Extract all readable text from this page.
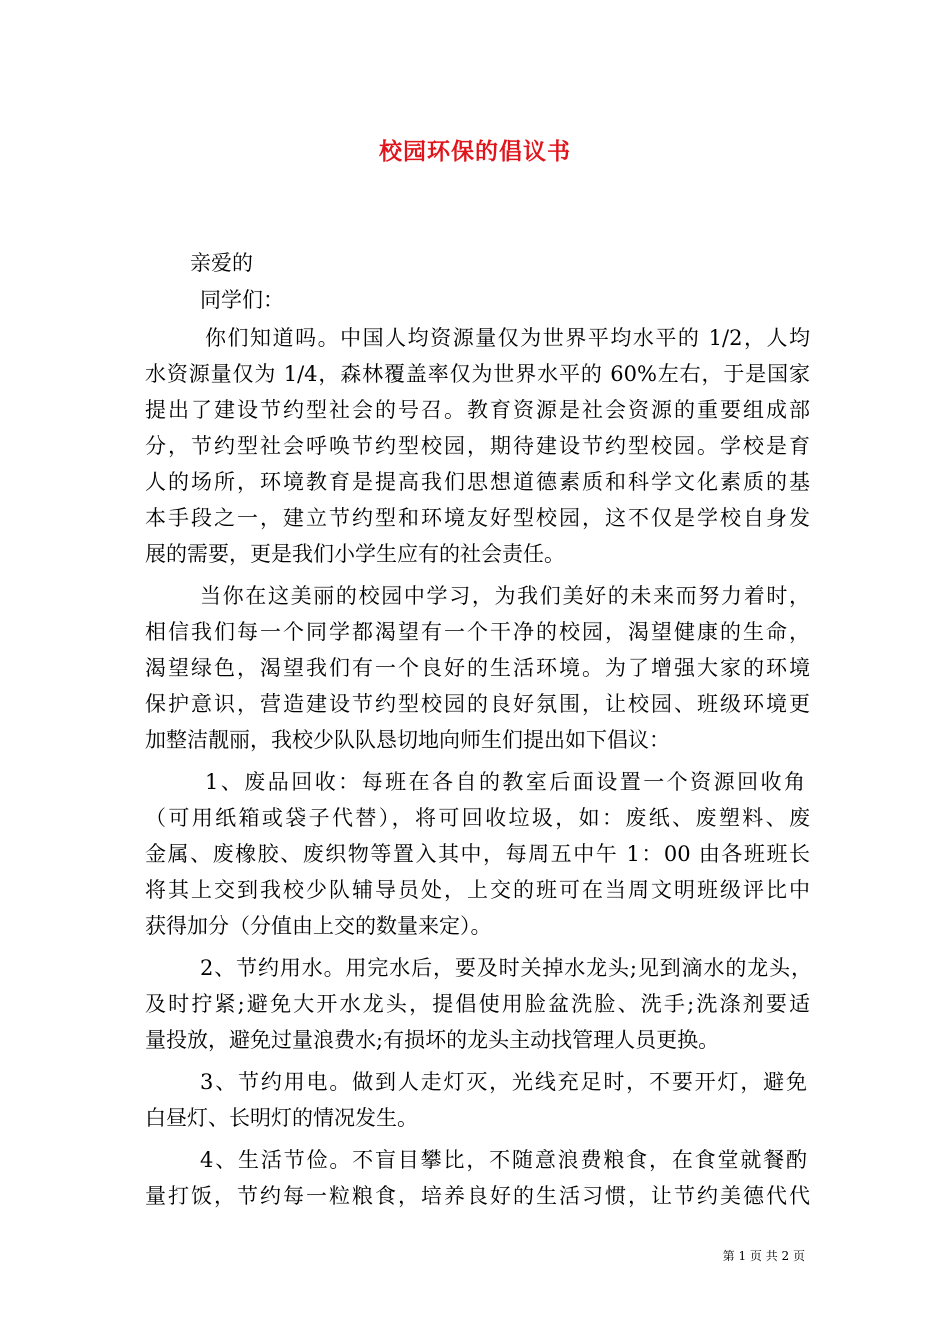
校园环保的倡议书
亲爱的
同学们：
你们知道吗。中国人均资源量仅为世界平均水平的 1/2，人均
水资源量仅为 1/4，森林覆盖率仅为世界水平的 60%左右，于是国家
提出了建设节约型社会的号召。教育资源是社会资源的重要组成部
分，节约型社会呼唤节约型校园，期待建设节约型校园。学校是育
人的场所，环境教育是提高我们思想道德素质和科学文化素质的基
本手段之一，建立节约型和环境友好型校园，这不仅是学校自身发
展的需要，更是我们小学生应有的社会责任。
当你在这美丽的校园中学习，为我们美好的未来而努力着时，
相信我们每一个同学都渴望有一个干净的校园，渴望健康的生命，
渴望绿色，渴望我们有一个良好的生活环境。为了增强大家的环境
保护意识，营造建设节约型校园的良好氛围，让校园、班级环境更
加整洁靓丽，我校少队队恳切地向师生们提出如下倡议：
1、废品回收：每班在各自的教室后面设置一个资源回收角
（可用纸箱或袋子代替），将可回收垃圾，如：废纸、废塑料、废
金属、废橡胶、废织物等置入其中，每周五中午 1：00 由各班班长
将其上交到我校少队辅导员处，上交的班可在当周文明班级评比中
获得加分（分值由上交的数量来定）。
2、节约用水。用完水后，要及时关掉水龙头;见到滴水的龙头，
及时拧紧;避免大开水龙头，提倡使用脸盆洗脸、洗手;洗涤剂要适
量投放，避免过量浪费水;有损坏的龙头主动找管理人员更换。
3、节约用电。做到人走灯灭，光线充足时，不要开灯，避免
白昼灯、长明灯的情况发生。
4、生活节俭。不盲目攀比，不随意浪费粮食，在食堂就餐酌
量打饭，节约每一粒粮食，培养良好的生活习惯，让节约美德代代
第 1 页 共 2 页
